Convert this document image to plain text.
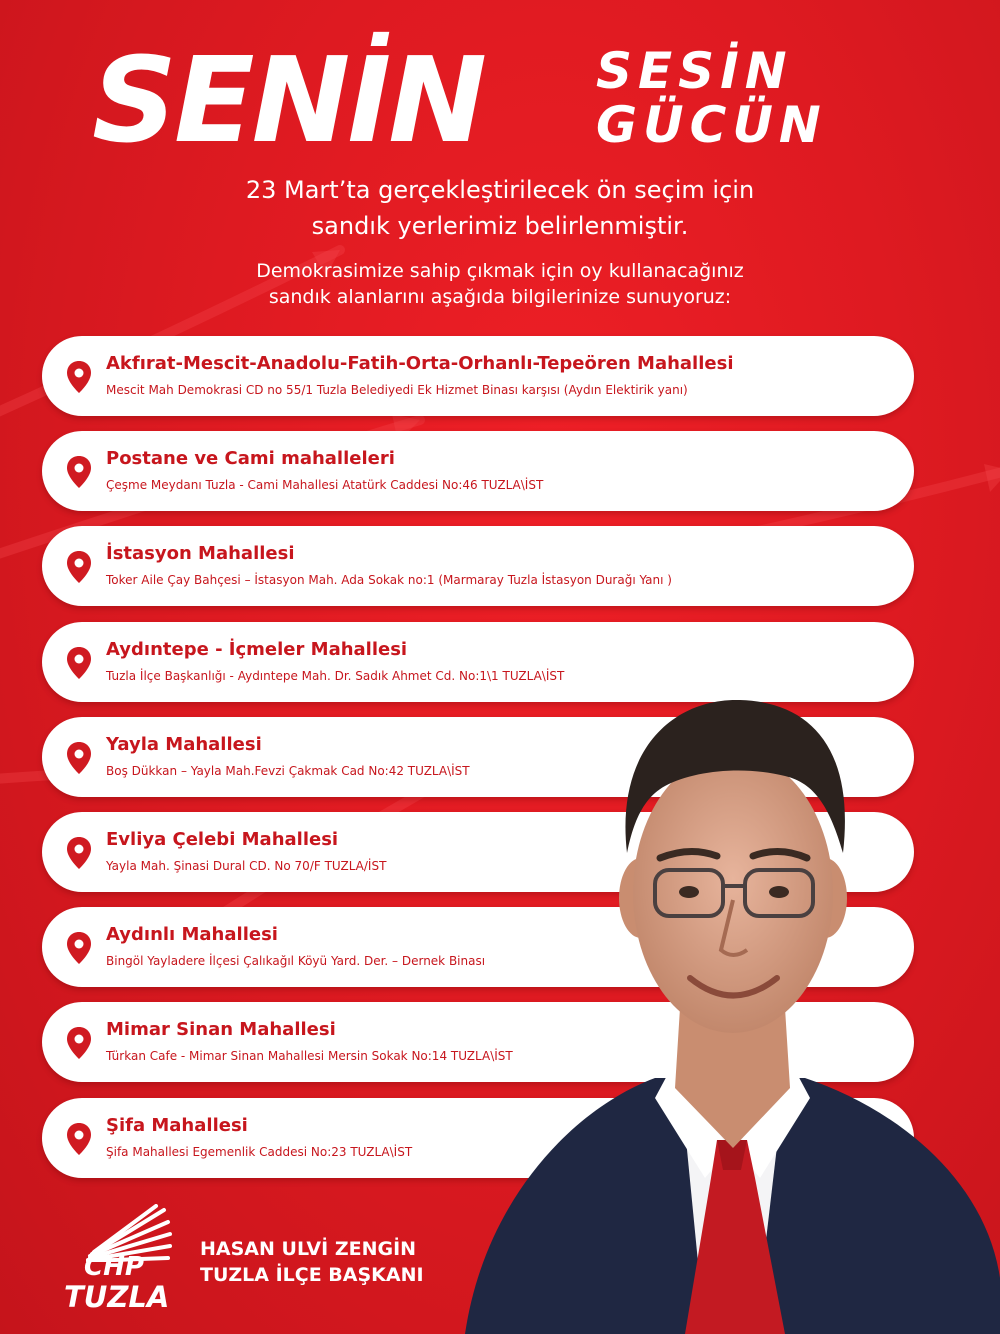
SENİN SESİN
GÜCÜN

23 Mart’ta gerçekleştirilecek ön seçim için
sandık yerlerimiz belirlenmiştir.

Demokrasimize sahip çıkmak için oy kullanacağınız
sandık alanlarını aşağıda bilgilerinize sunuyoruz:

Akfırat-Mescit-Anadolu-Fatih-Orta-Orhanlı-Tepeören Mahallesi
Mescit Mah Demokrasi CD no 55/1 Tuzla Belediyedi Ek Hizmet Binası karşısı (Aydın Elektirik yanı)
Postane ve Cami mahalleleri
Çeşme Meydanı Tuzla - Cami Mahallesi Atatürk Caddesi No:46 TUZLA\İST
İstasyon Mahallesi
Toker Aile Çay Bahçesi – İstasyon Mah. Ada Sokak no:1 (Marmaray Tuzla İstasyon Durağı Yanı )
Aydıntepe - İçmeler Mahallesi
Tuzla İlçe Başkanlığı - Aydıntepe Mah. Dr. Sadık Ahmet Cd. No:1\1 TUZLA\İST
Yayla Mahallesi
Boş Dükkan – Yayla Mah.Fevzi Çakmak Cad No:42 TUZLA\İST
Evliya Çelebi Mahallesi
Yayla Mah. Şinasi Dural CD. No 70/F TUZLA/İST
Aydınlı Mahallesi
Bingöl Yayladere İlçesi Çalıkağıl Köyü Yard. Der. – Dernek Binası
Mimar Sinan Mahallesi
Türkan Cafe - Mimar Sinan Mahallesi Mersin Sokak No:14 TUZLA\İST
Şifa Mahallesi
Şifa Mahallesi Egemenlik Caddesi No:23 TUZLA\İST

CHP

TUZLA

HASAN ULVİ ZENGİN
TUZLA İLÇE BAŞKANI
